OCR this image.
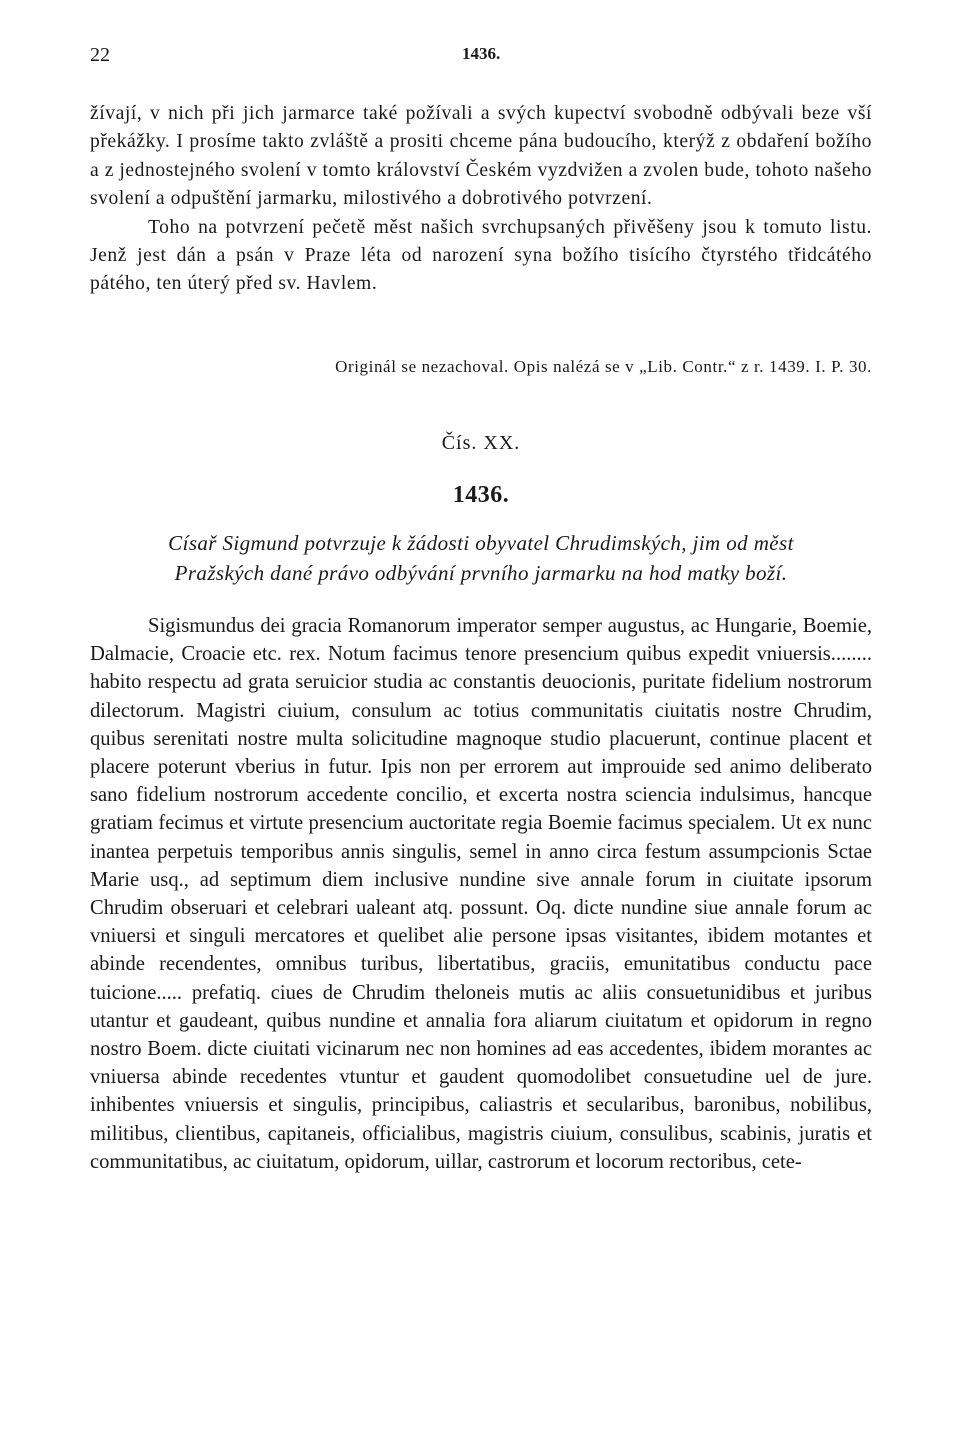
22	1436.

žívají, v nich při jich jarmarce také požívali a svých kupectví svobodně odbývali beze vší překážky. I prosíme takto zvláště a prositi chceme pána budoucího, kterýž z obdaření božího a z jednostejného svolení v tomto království Českém vyzdvižen a zvolen bude, tohoto našeho svolení a odpuštění jarmarku, milostivého a dobrotivého potvrzení.

Toho na potvrzení pečetě měst našich svrchupsaných přivěšeny jsou k tomuto listu. Jenž jest dán a psán v Praze léta od narození syna božího tisícího čtyrstého třidcátého pátého, ten úterý před sv. Havlem.

Originál se nezachoval. Opis nalézá se v „Lib. Contr.“ z r. 1439. I. P. 30.
Čís. XX.
1436.
Císař Sigmund potvrzuje k žádosti obyvatel Chrudimských, jim od měst
Pražských dané právo odbývání prvního jarmarku na hod matky boží.

Sigismundus dei gracia Romanorum imperator semper augustus, ac Hungarie, Boemie, Dalmacie, Croacie etc. rex. Notum facimus tenore presencium quibus expedit vniuersis........ habito respectu ad grata seruicior studia ac constantis deuocionis, puritate fidelium nostrorum dilectorum. Magistri ciuium, consulum ac totius communitatis ciuitatis nostre Chrudim, quibus serenitati nostre multa solicitudine magnoque studio placuerunt, continue placent et placere poterunt vberius in futur. Ipis non per errorem aut improuide sed animo deliberato sano fidelium nostrorum accedente concilio, et excerta nostra sciencia indulsimus, hancque gratiam fecimus et virtute presencium auctoritate regia Boemie facimus specialem. Ut ex nunc inantea perpetuis temporibus annis singulis, semel in anno circa festum assumpcionis Sctae Marie usq., ad septimum diem inclusive nundine sive annale forum in ciuitate ipsorum Chrudim obseruari et celebrari ualeant atq. possunt. Oq. dicte nundine siue annale forum ac vniuersi et singuli mercatores et quelibet alie persone ipsas visitantes, ibidem motantes et abinde recendentes, omnibus turibus, libertatibus, graciis, emunitatibus conductu pace tuicione..... prefatiq. ciues de Chrudim theloneis mutis ac aliis consuetunidibus et juribus utantur et gaudeant, quibus nundine et annalia fora aliarum ciuitatum et opidorum in regno nostro Boem. dicte ciuitati vicinarum nec non homines ad eas accedentes, ibidem morantes ac vniuersa abinde recedentes vtuntur et gaudent quomodolibet consuetudine uel de jure. inhibentes vniuersis et singulis, principibus, caliastris et secularibus, baronibus, nobilibus, militibus, clientibus, capitaneis, officialibus, magistris ciuium, consulibus, scabinis, juratis et communitatibus, ac ciuitatum, opidorum, uillar, castrorum et locorum rectoribus, cete-
